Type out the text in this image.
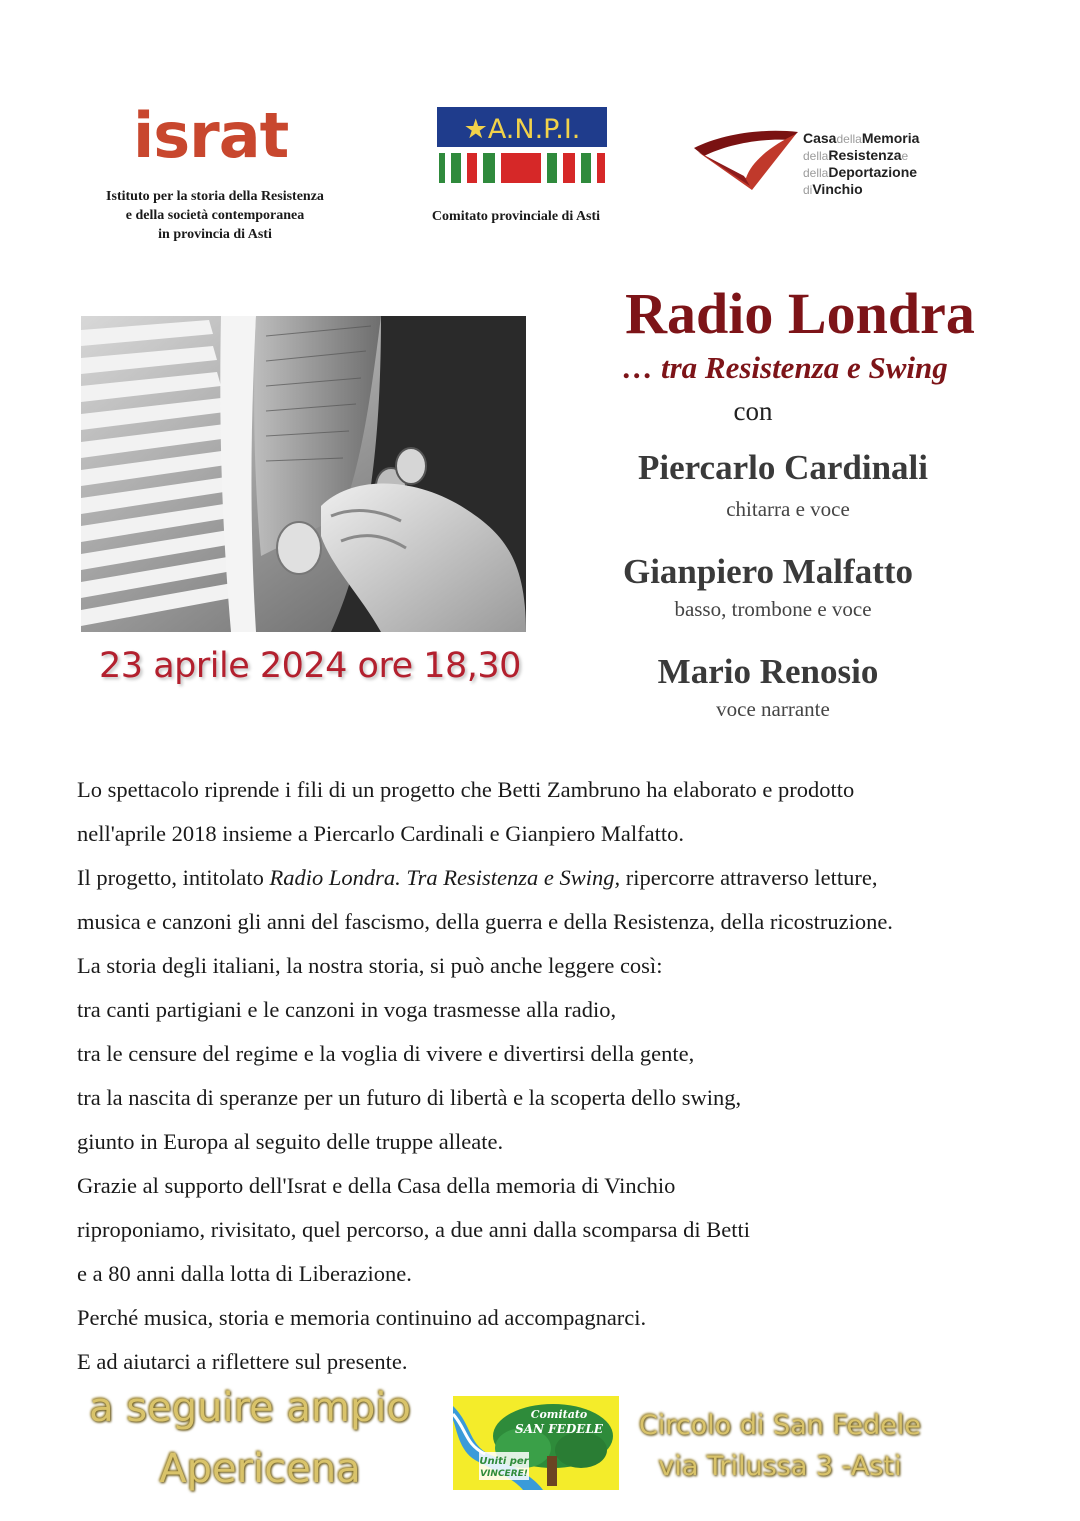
israt
Istituto per la storia della Resistenza
e della società contemporanea
in provincia di Asti
★A.N.P.I.
Comitato provinciale di Asti
CasadellaMemoria
dellaResistenzae
dellaDeportazione
diVinchio
23 aprile 2024 ore 18,30
Radio Londra
… tra Resistenza e Swing
con
Piercarlo Cardinali
chitarra e voce
Gianpiero Malfatto
basso, trombone e voce
Mario Renosio
voce narrante
Lo spettacolo riprende i fili di un progetto che Betti Zambruno ha elaborato e prodotto
nell'aprile 2018 insieme a Piercarlo Cardinali e Gianpiero Malfatto.
Il progetto, intitolato Radio Londra. Tra Resistenza e Swing, ripercorre attraverso letture,
musica e canzoni gli anni del fascismo, della guerra e della Resistenza, della ricostruzione.
La storia degli italiani, la nostra storia, si può anche leggere così:
tra canti partigiani e le canzoni in voga trasmesse alla radio,
tra le censure del regime e la voglia di vivere e divertirsi della gente,
tra la nascita di speranze per un futuro di libertà e la scoperta dello swing,
giunto in Europa al seguito delle truppe alleate.
Grazie al supporto dell'Israt e della Casa della memoria di Vinchio
riproponiamo, rivisitato, quel percorso, a due anni dalla scomparsa di Betti
e a 80 anni dalla lotta di Liberazione.
Perché musica, storia e memoria continuino ad accompagnarci.
E ad aiutarci a riflettere sul presente.
a seguire ampio
Apericena
Comitato
SAN FEDELE
Uniti per
VINCERE!
Circolo di San Fedele
via Trilussa 3 -Asti
